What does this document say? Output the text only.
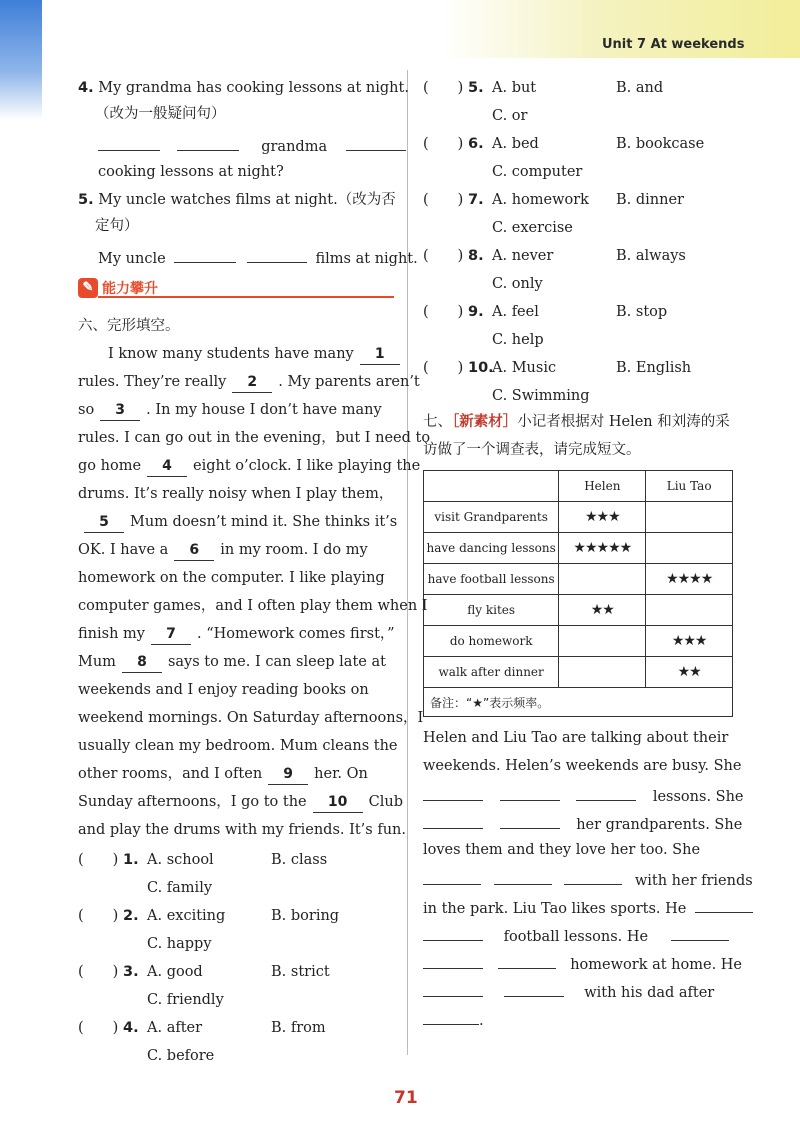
Unit 7 At weekends
4. My grandma has cooking lessons at night.
（改为一般疑问句）
grandma
cooking lessons at night?
5. My uncle watches films at night.（改为否
定句）
My uncle	films at night.
✎ 能力攀升
六、完形填空。
I know many students have many 1
rules. They’re really 2 . My parents aren’t
so 3 . In my house I don’t have many
rules. I can go out in the evening，but I need to
go home 4 eight o’clock. I like playing the
drums. It’s really noisy when I play them，
5 Mum doesn’t mind it. She thinks it’s
OK. I have a 6 in my room. I do my
homework on the computer. I like playing
computer games，and I often play them when I
finish my 7 . “Homework comes first，”
Mum 8 says to me. I can sleep late at
weekends and I enjoy reading books on
weekend mornings. On Saturday afternoons，I
usually clean my bedroom. Mum cleans the
other rooms，and I often 9 her. On
Sunday afternoons，I go to the 10 Club
and play the drums with my friends. It’s fun.
(　　) 1. A. school	B. class
C. family
(　　) 2. A. exciting	B. boring
C. happy
(　　) 3. A. good	B. strict
C. friendly
(　　) 4. A. after	B. from
C. before
(　　) 5. A. but	B. and
C. or
(　　) 6. A. bed	B. bookcase
C. computer
(　　) 7. A. homework B. dinner
C. exercise
(　　) 8. A. never	B. always
C. only
(　　) 9. A. feel	B. stop
C. help
(　　) 10.
A. Music	B. English
C. Swimming
七、［新素材］小记者根据对 Helen 和刘涛的采
访做了一个调查表，请完成短文。
	Helen	Liu Tao
visit Grandparents	★★★	
have dancing lessons	★★★★★	
have football lessons		★★★★
fly kites	★★	
do homework		★★★
walk after dinner		★★
备注：“★”表示频率。		
Helen and Liu Tao are talking about their
weekends. Helen’s weekends are busy. She
lessons. She
her grandparents. She
loves them and they love her too. She
with her friends
in the park. Liu Tao likes sports. He
football lessons. He
homework at home. He
with his dad after
.
71
